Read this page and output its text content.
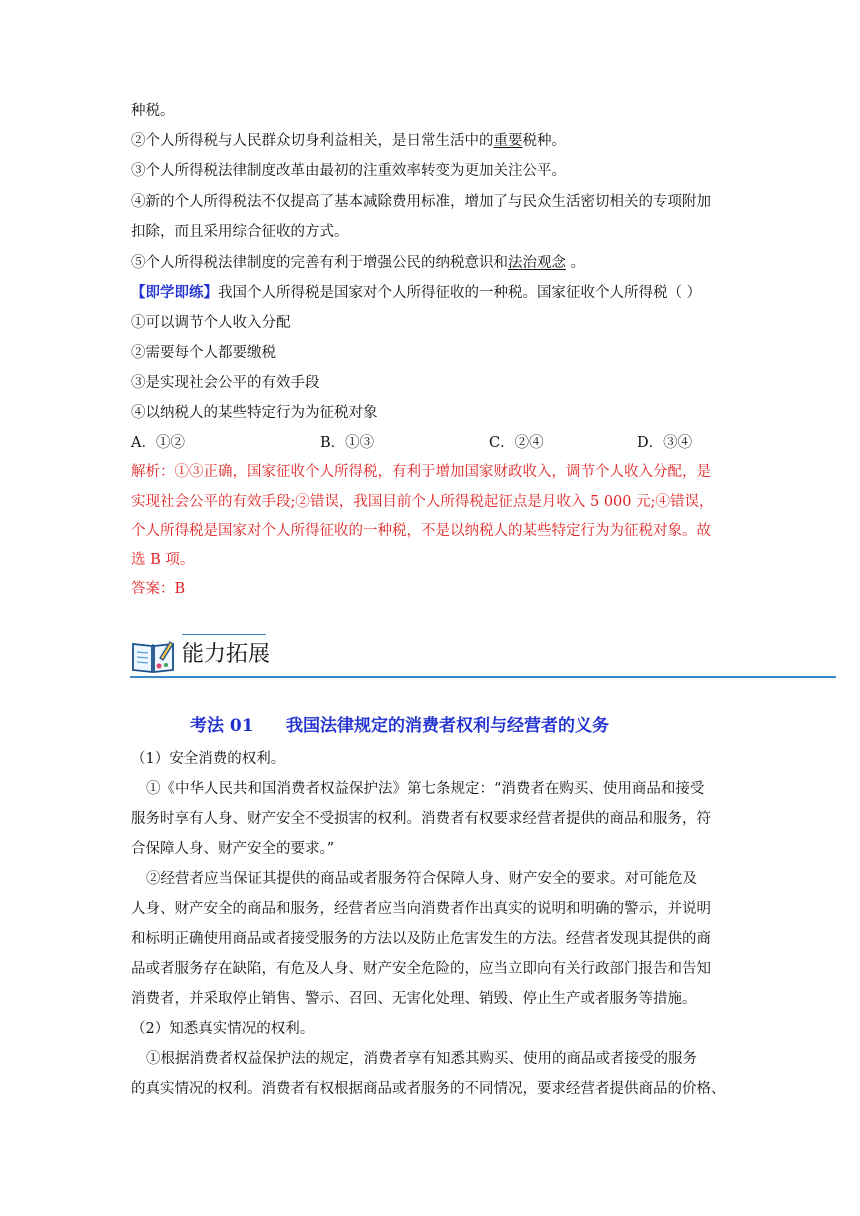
种税。
②个人所得税与人民群众切身利益相关，是日常生活中的重要税种。
③个人所得税法律制度改革由最初的注重效率转变为更加关注公平。
④新的个人所得税法不仅提高了基本减除费用标准，增加了与民众生活密切相关的专项附加
扣除，而且采用综合征收的方式。
⑤个人所得税法律制度的完善有利于增强公民的纳税意识和法治观念 。
【即学即练】我国个人所得税是国家对个人所得征收的一种税。国家征收个人所得税（ ）
①可以调节个人收入分配
②需要每个人都要缴税
③是实现社会公平的有效手段
④以纳税人的某些特定行为为征税对象
A．①②	B．①③	C．②④	D．③④
解析：①③正确，国家征收个人所得税，有利于增加国家财政收入，调节个人收入分配，是
实现社会公平的有效手段;②错误，我国目前个人所得税起征点是月收入 5 000 元;④错误，
个人所得税是国家对个人所得征收的一种税，不是以纳税人的某些特定行为为征税对象。故
选 B 项。
答案：B
能力拓展
考法 01 我国法律规定的消费者权利与经营者的义务
（1）安全消费的权利。
①《中华人民共和国消费者权益保护法》第七条规定：“消费者在购买、使用商品和接受
服务时享有人身、财产安全不受损害的权利。消费者有权要求经营者提供的商品和服务，符
合保障人身、财产安全的要求。”
②经营者应当保证其提供的商品或者服务符合保障人身、财产安全的要求。对可能危及
人身、财产安全的商品和服务，经营者应当向消费者作出真实的说明和明确的警示，并说明
和标明正确使用商品或者接受服务的方法以及防止危害发生的方法。经营者发现其提供的商
品或者服务存在缺陷，有危及人身、财产安全危险的，应当立即向有关行政部门报告和告知
消费者，并采取停止销售、警示、召回、无害化处理、销毁、停止生产或者服务等措施。
（2）知悉真实情况的权利。
①根据消费者权益保护法的规定，消费者享有知悉其购买、使用的商品或者接受的服务
的真实情况的权利。消费者有权根据商品或者服务的不同情况，要求经营者提供商品的价格、
